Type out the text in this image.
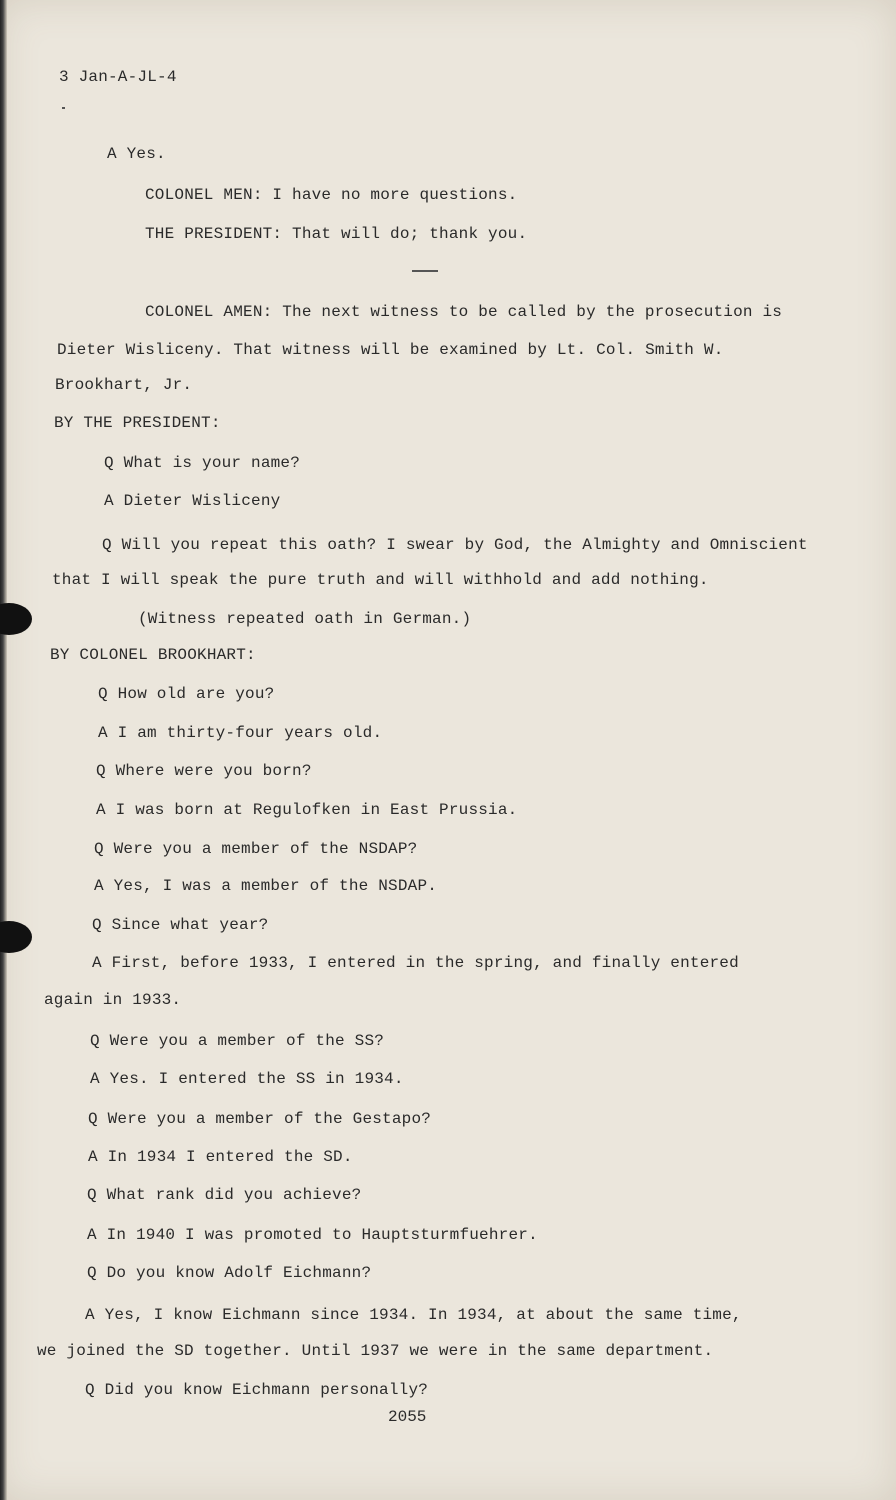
3 Jan-A-JL-4
A Yes.
COLONEL MEN: I have no more questions.
THE PRESIDENT: That will do; thank you.
COLONEL AMEN: The next witness to be called by the prosecution is
Dieter Wisliceny. That witness will be examined by Lt. Col. Smith W.
Brookhart, Jr.
BY THE PRESIDENT:
Q What is your name?
A Dieter Wisliceny
Q Will you repeat this oath? I swear by God, the Almighty and Omniscient
that I will speak the pure truth and will withhold and add nothing.
(Witness repeated oath in German.)
BY COLONEL BROOKHART:
Q How old are you?
A I am thirty-four years old.
Q Where were you born?
A I was born at Regulofken in East Prussia.
Q Were you a member of the NSDAP?
A Yes, I was a member of the NSDAP.
Q Since what year?
A First, before 1933, I entered in the spring, and finally entered
again in 1933.
Q Were you a member of the SS?
A Yes. I entered the SS in 1934.
Q Were you a member of the Gestapo?
A In 1934 I entered the SD.
Q What rank did you achieve?
A In 1940 I was promoted to Hauptsturmfuehrer.
Q Do you know Adolf Eichmann?
A Yes, I know Eichmann since 1934. In 1934, at about the same time,
we joined the SD together. Until 1937 we were in the same department.
Q Did you know Eichmann personally?
2055
